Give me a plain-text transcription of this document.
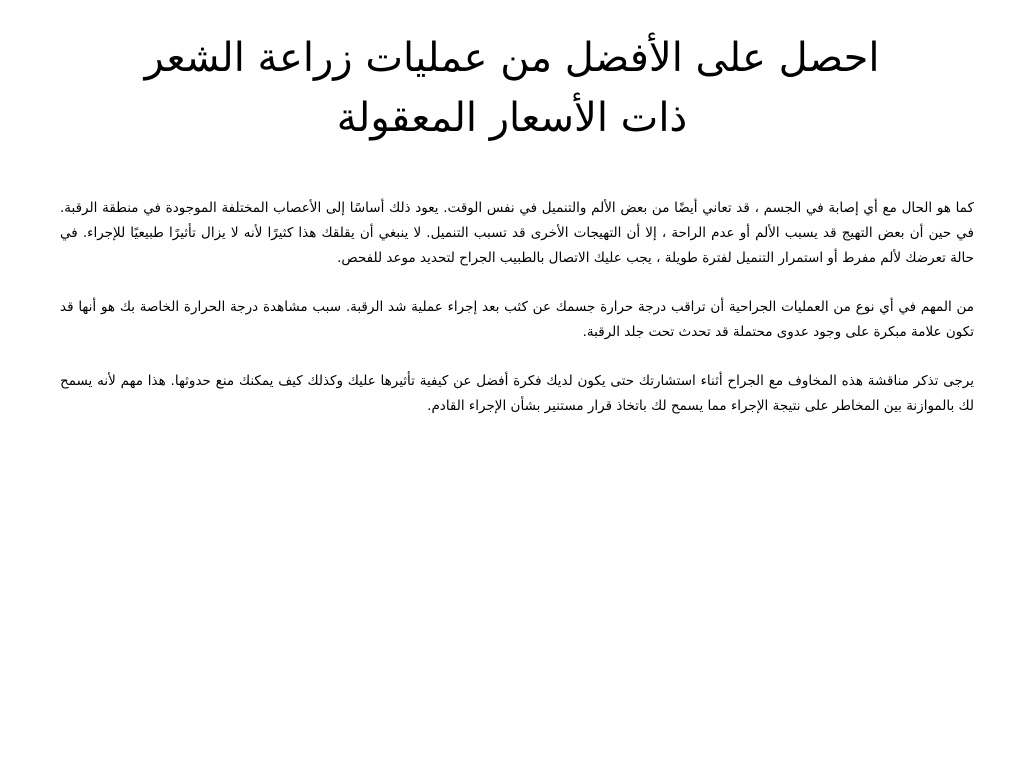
احصل على الأفضل من عمليات زراعة الشعر
ذات الأسعار المعقولة

كما هو الحال مع أي إصابة في الجسم ، قد تعاني أيضًا من بعض الألم والتنميل في نفس الوقت. يعود ذلك أساسًا إلى الأعصاب المختلفة الموجودة في منطقة الرقبة. في حين أن بعض التهيج قد يسبب الألم أو عدم الراحة ، إلا أن التهيجات الأخرى قد تسبب التنميل. لا ينبغي أن يقلقك هذا كثيرًا لأنه لا يزال تأثيرًا طبيعيًا للإجراء. في حالة تعرضك لألم مفرط أو استمرار التنميل لفترة طويلة ، يجب عليك الاتصال بالطبيب الجراح لتحديد موعد للفحص.

من المهم في أي نوع من العمليات الجراحية أن تراقب درجة حرارة جسمك عن كثب بعد إجراء عملية شد الرقبة. سبب مشاهدة درجة الحرارة الخاصة بك هو أنها قد تكون علامة مبكرة على وجود عدوى محتملة قد تحدث تحت جلد الرقبة.

يرجى تذكر مناقشة هذه المخاوف مع الجراح أثناء استشارتك حتى يكون لديك فكرة أفضل عن كيفية تأثيرها عليك وكذلك كيف يمكنك منع حدوثها. هذا مهم لأنه يسمح لك بالموازنة بين المخاطر على نتيجة الإجراء مما يسمح لك باتخاذ قرار مستنير بشأن الإجراء القادم.
